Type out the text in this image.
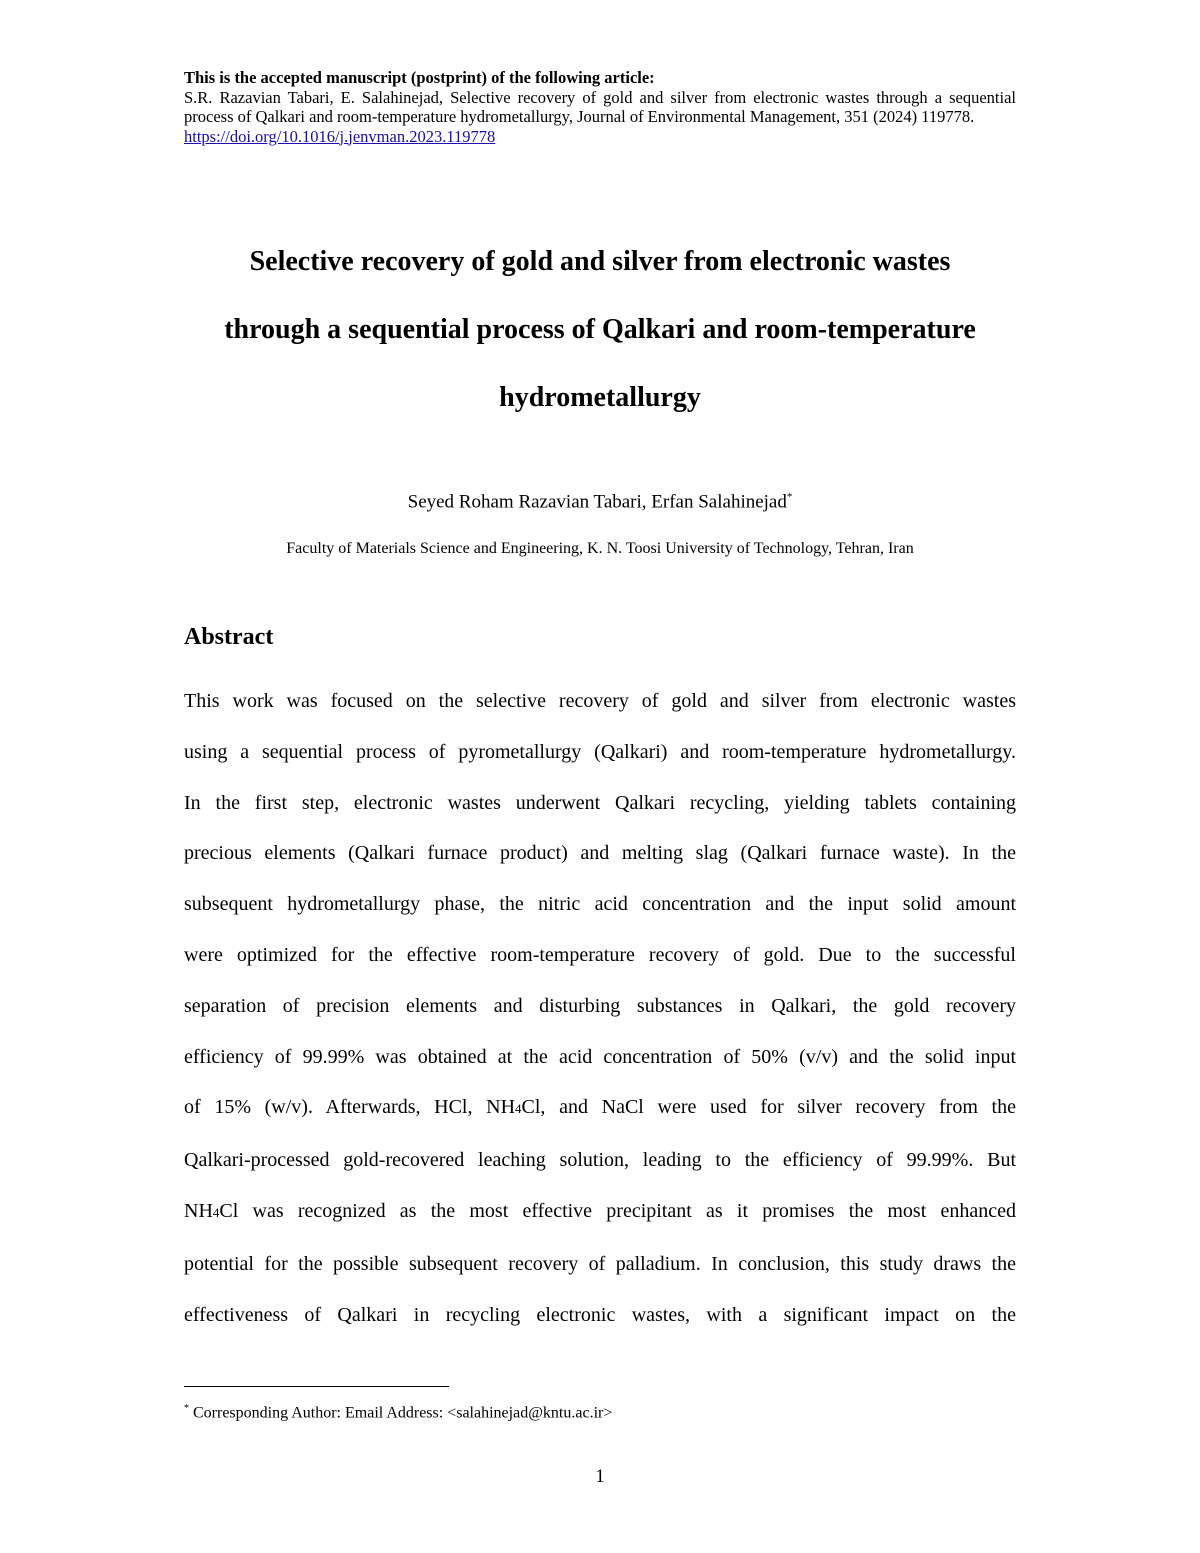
This is the accepted manuscript (postprint) of the following article:
S.R. Razavian Tabari, E. Salahinejad, Selective recovery of gold and silver from electronic wastes through a sequential process of Qalkari and room-temperature hydrometallurgy, Journal of Environmental Management, 351 (2024) 119778.
https://doi.org/10.1016/j.jenvman.2023.119778
Selective recovery of gold and silver from electronic wastes
through a sequential process of Qalkari and room-temperature
hydrometallurgy
Seyed Roham Razavian Tabari, Erfan Salahinejad*
Faculty of Materials Science and Engineering, K. N. Toosi University of Technology, Tehran, Iran
Abstract
This work was focused on the selective recovery of gold and silver from electronic wastes
using a sequential process of pyrometallurgy (Qalkari) and room-temperature hydrometallurgy.
In the first step, electronic wastes underwent Qalkari recycling, yielding tablets containing
precious elements (Qalkari furnace product) and melting slag (Qalkari furnace waste). In the
subsequent hydrometallurgy phase, the nitric acid concentration and the input solid amount
were optimized for the effective room-temperature recovery of gold. Due to the successful
separation of precision elements and disturbing substances in Qalkari, the gold recovery
efficiency of 99.99% was obtained at the acid concentration of 50% (v/v) and the solid input
of 15% (w/v). Afterwards, HCl, NH4Cl, and NaCl were used for silver recovery from the
Qalkari-processed gold-recovered leaching solution, leading to the efficiency of 99.99%. But
NH4Cl was recognized as the most effective precipitant as it promises the most enhanced
potential for the possible subsequent recovery of palladium. In conclusion, this study draws the
effectiveness of Qalkari in recycling electronic wastes, with a significant impact on the
* Corresponding Author: Email Address: <salahinejad@kntu.ac.ir>
1
